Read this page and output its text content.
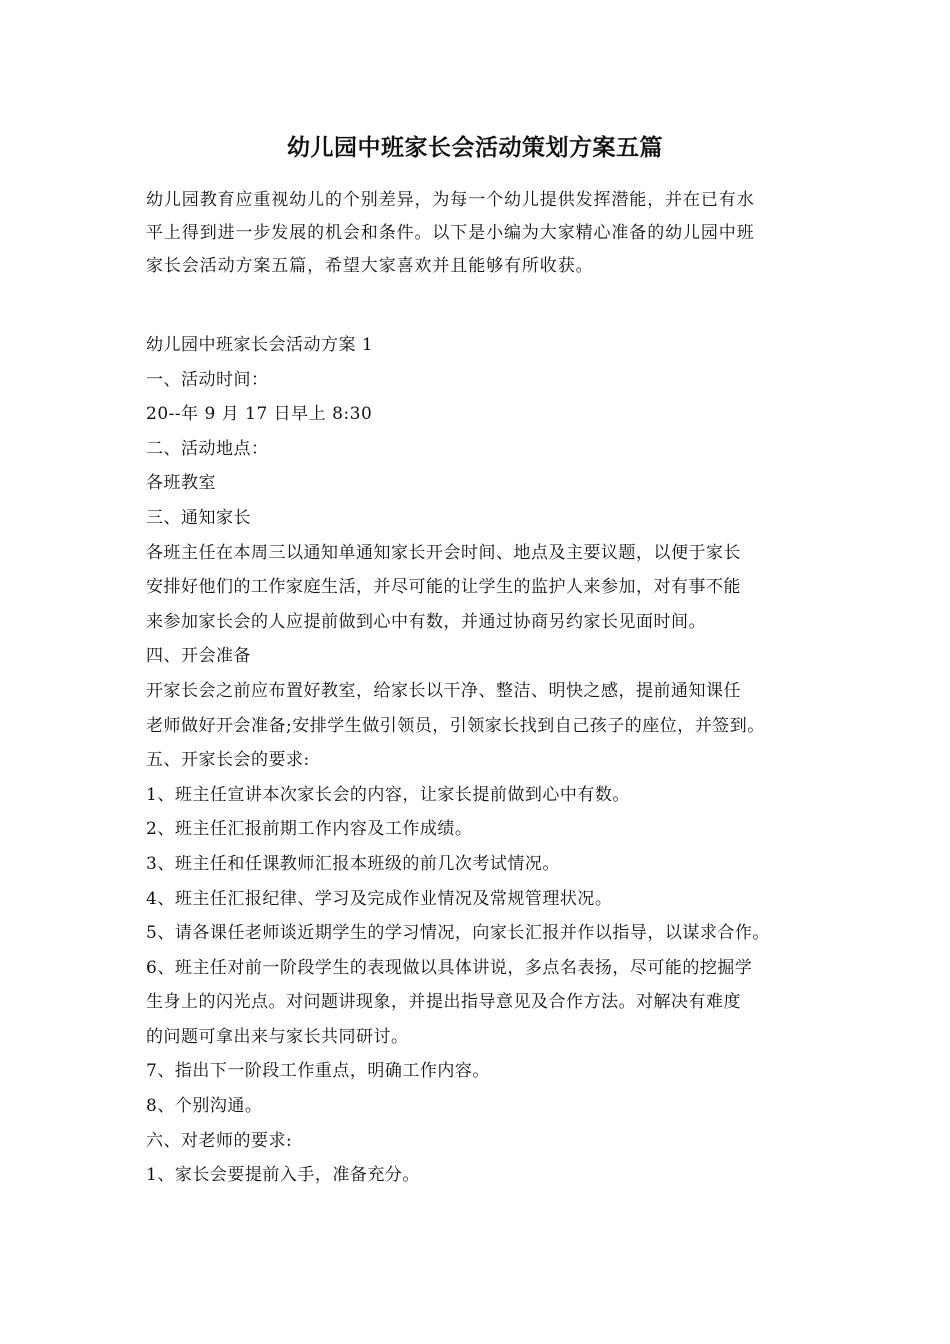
幼儿园中班家长会活动策划方案五篇
幼儿园教育应重视幼儿的个别差异，为每一个幼儿提供发挥潜能，并在已有水
平上得到进一步发展的机会和条件。以下是小编为大家精心准备的幼儿园中班
家长会活动方案五篇，希望大家喜欢并且能够有所收获。
幼儿园中班家长会活动方案 1
一、活动时间：
20--年 9 月 17 日早上 8:30
二、活动地点：
各班教室
三、通知家长
各班主任在本周三以通知单通知家长开会时间、地点及主要议题，以便于家长
安排好他们的工作家庭生活，并尽可能的让学生的监护人来参加，对有事不能
来参加家长会的人应提前做到心中有数，并通过协商另约家长见面时间。
四、开会准备
开家长会之前应布置好教室，给家长以干净、整洁、明快之感，提前通知课任
老师做好开会准备;安排学生做引领员，引领家长找到自己孩子的座位，并签到。
五、开家长会的要求:
1、班主任宣讲本次家长会的内容，让家长提前做到心中有数。
2、班主任汇报前期工作内容及工作成绩。
3、班主任和任课教师汇报本班级的前几次考试情况。
4、班主任汇报纪律、学习及完成作业情况及常规管理状况。
5、请各课任老师谈近期学生的学习情况，向家长汇报并作以指导，以谋求合作。
6、班主任对前一阶段学生的表现做以具体讲说，多点名表扬，尽可能的挖掘学
生身上的闪光点。对问题讲现象，并提出指导意见及合作方法。对解决有难度
的问题可拿出来与家长共同研讨。
7、指出下一阶段工作重点，明确工作内容。
8、个别沟通。
六、对老师的要求:
1、家长会要提前入手，准备充分。
